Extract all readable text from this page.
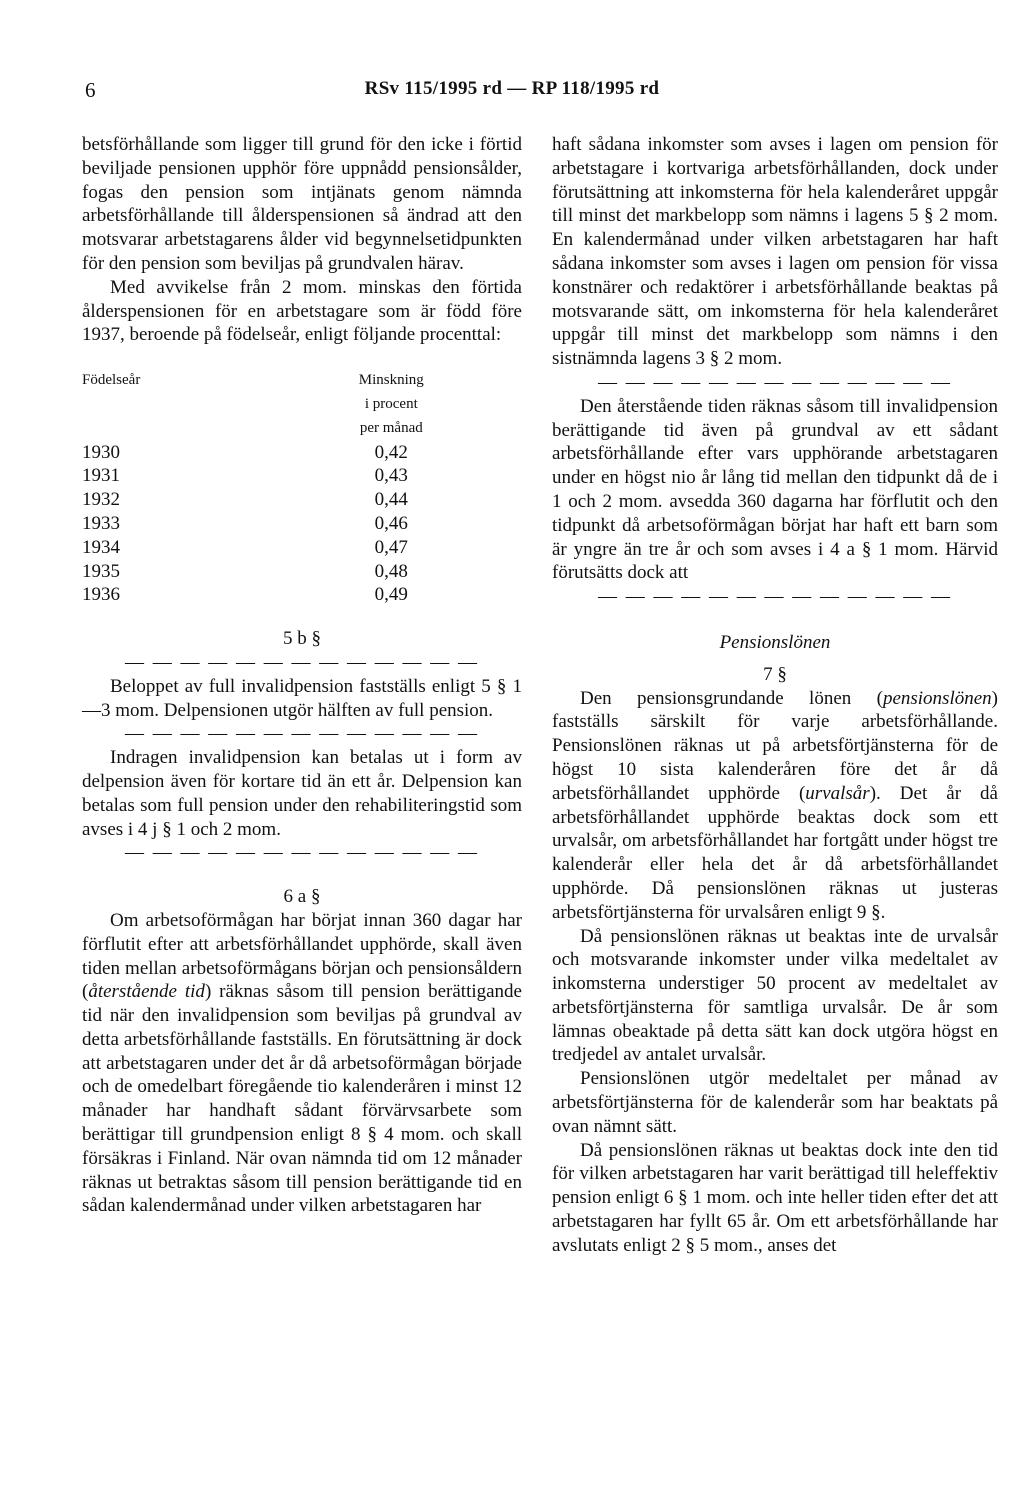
6	RSv 115/1995 rd — RP 118/1995 rd

betsförhållande som ligger till grund för den icke i förtid beviljade pensionen upphör före uppnådd pensionsålder, fogas den pension som intjänats genom nämnda arbetsförhållande till ålderspensionen så ändrad att den motsvarar arbetstagarens ålder vid begynnelsetidpunkten för den pension som beviljas på grundvalen härav.

Med avvikelse från 2 mom. minskas den förtida ålderspensionen för en arbetstagare som är född före 1937, beroende på födelseår, enligt följande procenttal:

Födelseår	Minskning
	i procent
	per månad
1930	0,42
1931	0,43
1932	0,44
1933	0,46
1934	0,47
1935	0,48
1936	0,49
5 b §
— — — — — — — — — — — — —

Beloppet av full invalidpension fastställs enligt 5 § 1—3 mom. Delpensionen utgör hälften av full pension.

— — — — — — — — — — — — —

Indragen invalidpension kan betalas ut i form av delpension även för kortare tid än ett år. Delpension kan betalas som full pension under den rehabiliteringstid som avses i 4 j § 1 och 2 mom.

— — — — — — — — — — — — —
6 a §

Om arbetsoförmågan har börjat innan 360 dagar har förflutit efter att arbetsförhållandet upphörde, skall även tiden mellan arbetsoförmågans början och pensionsåldern (återstående tid) räknas såsom till pension berättigande tid när den invalidpension som beviljas på grundval av detta arbetsförhållande fastställs. En förutsättning är dock att arbetstagaren under det år då arbetsoförmågan började och de omedelbart föregående tio kalenderåren i minst 12 månader har handhaft sådant förvärvsarbete som berättigar till grundpension enligt 8 § 4 mom. och skall försäkras i Finland. När ovan nämnda tid om 12 månader räknas ut betraktas såsom till pension berättigande tid en sådan kalendermånad under vilken arbetstagaren har

haft sådana inkomster som avses i lagen om pension för arbetstagare i kortvariga arbetsförhållanden, dock under förutsättning att inkomsterna för hela kalenderåret uppgår till minst det markbelopp som nämns i lagens 5 § 2 mom. En kalendermånad under vilken arbetstagaren har haft sådana inkomster som avses i lagen om pension för vissa konstnärer och redaktörer i arbetsförhållande beaktas på motsvarande sätt, om inkomsterna för hela kalenderåret uppgår till minst det markbelopp som nämns i den sistnämnda lagens 3 § 2 mom.

— — — — — — — — — — — — —

Den återstående tiden räknas såsom till invalidpension berättigande tid även på grundval av ett sådant arbetsförhållande efter vars upphörande arbetstagaren under en högst nio år lång tid mellan den tidpunkt då de i 1 och 2 mom. avsedda 360 dagarna har förflutit och den tidpunkt då arbetsoförmågan börjat har haft ett barn som är yngre än tre år och som avses i 4 a § 1 mom. Härvid förutsätts dock att

— — — — — — — — — — — — —
Pensionslönen
7 §

Den pensionsgrundande lönen (pensionslönen) fastställs särskilt för varje arbetsförhållande. Pensionslönen räknas ut på arbetsförtjänsterna för de högst 10 sista kalenderåren före det år då arbetsförhållandet upphörde (urvalsår). Det år då arbetsförhållandet upphörde beaktas dock som ett urvalsår, om arbetsförhållandet har fortgått under högst tre kalenderår eller hela det år då arbetsförhållandet upphörde. Då pensionslönen räknas ut justeras arbetsförtjänsterna för urvalsåren enligt 9 §.

Då pensionslönen räknas ut beaktas inte de urvalsår och motsvarande inkomster under vilka medeltalet av inkomsterna understiger 50 procent av medeltalet av arbetsförtjänsterna för samtliga urvalsår. De år som lämnas obeaktade på detta sätt kan dock utgöra högst en tredjedel av antalet urvalsår.

Pensionslönen utgör medeltalet per månad av arbetsförtjänsterna för de kalenderår som har beaktats på ovan nämnt sätt.

Då pensionslönen räknas ut beaktas dock inte den tid för vilken arbetstagaren har varit berättigad till heleffektiv pension enligt 6 § 1 mom. och inte heller tiden efter det att arbetstagaren har fyllt 65 år. Om ett arbetsförhållande har avslutats enligt 2 § 5 mom., anses det
